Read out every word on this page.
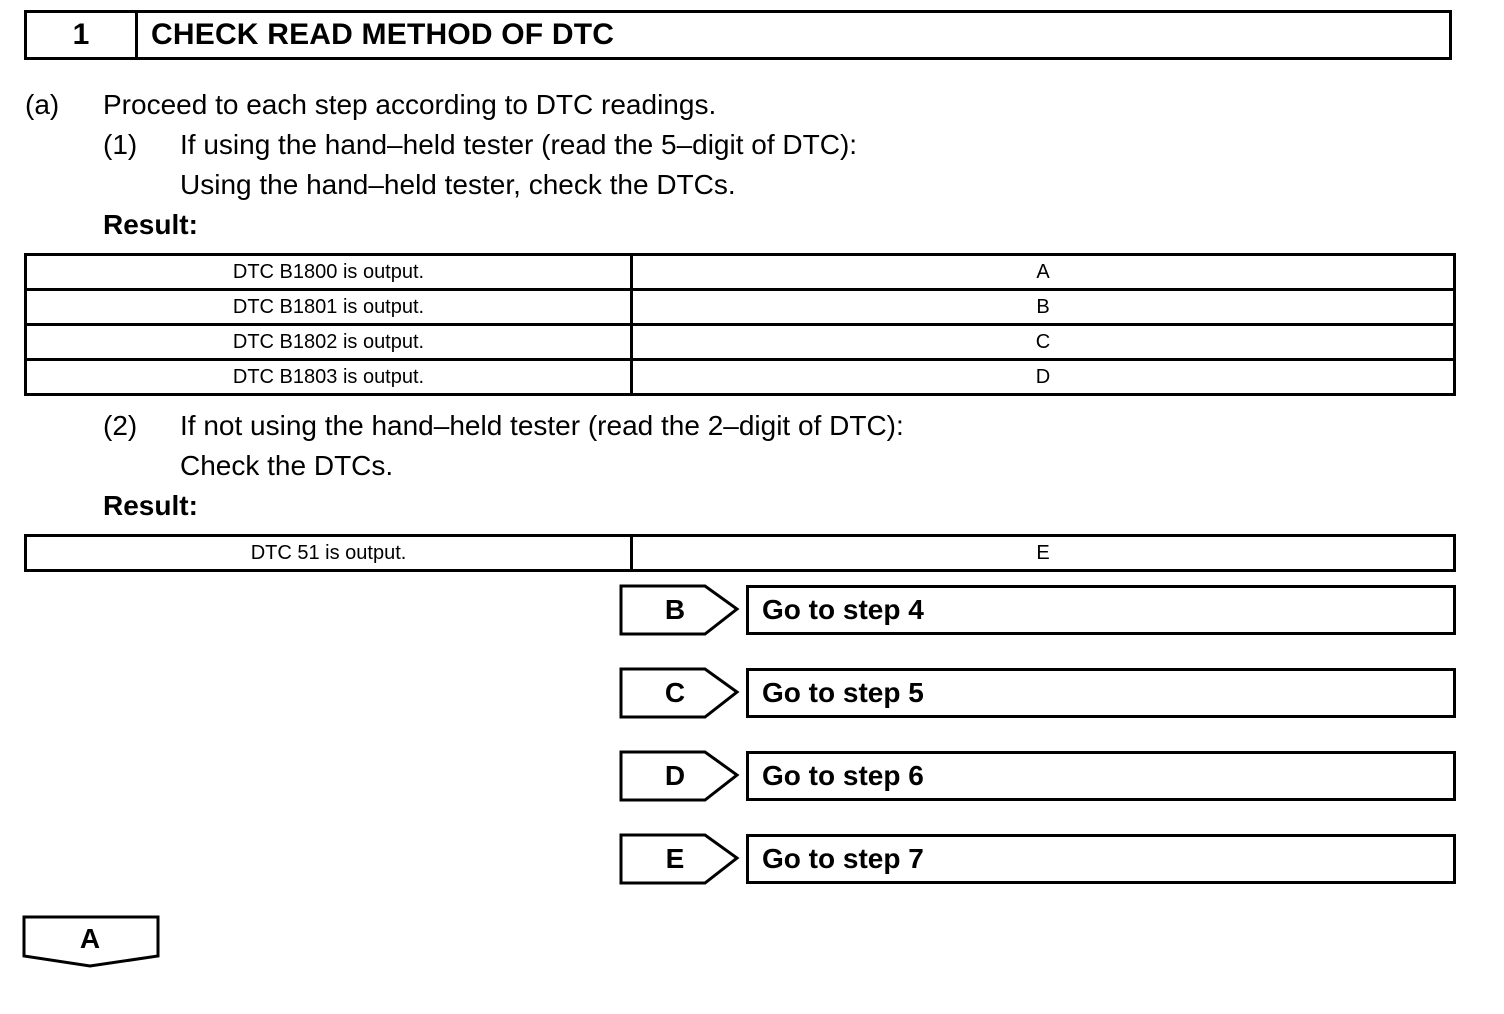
1	CHECK READ METHOD OF DTC
(a) Proceed to each step according to DTC readings.
(1) If using the hand–held tester (read the 5–digit of DTC):
Using the hand–held tester, check the DTCs.
Result:
DTC B1800 is output.	A
DTC B1801 is output.	B
DTC B1802 is output.	C
DTC B1803 is output.	D
(2) If not using the hand–held tester (read the 2–digit of DTC):
Check the DTCs.
Result:
DTC 51 is output.	E
B	Go to step 4
C	Go to step 5
D	Go to step 6
E	Go to step 7
A
